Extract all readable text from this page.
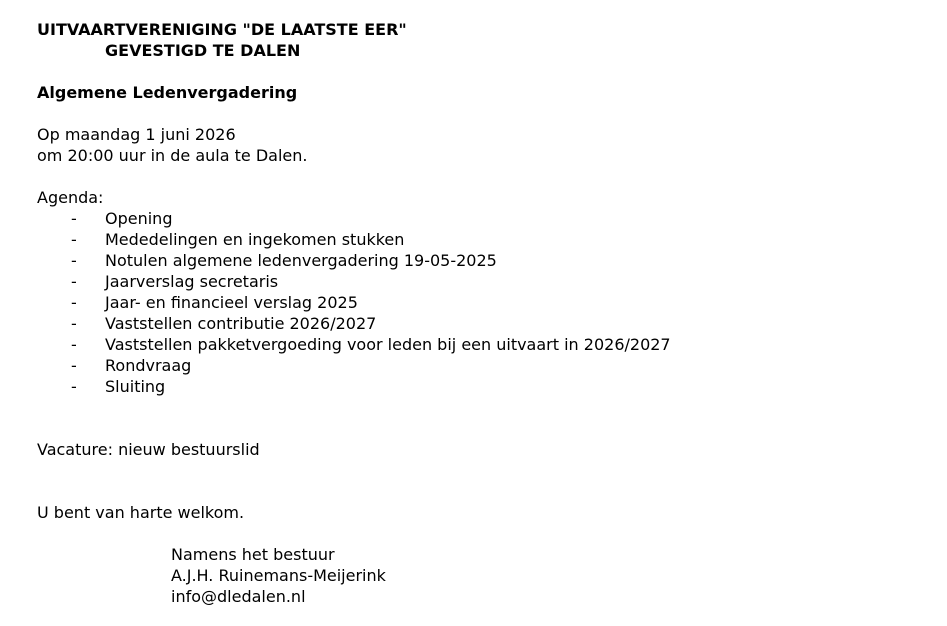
UITVAARTVERENIGING "DE LAATSTE EER"
GEVESTIGD TE DALEN
Algemene Ledenvergadering
Op maandag 1 juni 2026
om 20:00 uur in de aula te Dalen.
Agenda:
- Opening
- Mededelingen en ingekomen stukken
- Notulen algemene ledenvergadering 19-05-2025
- Jaarverslag secretaris
- Jaar- en financieel verslag 2025
- Vaststellen contributie 2026/2027
- Vaststellen pakketvergoeding voor leden bij een uitvaart in 2026/2027
- Rondvraag
- Sluiting
Vacature: nieuw bestuurslid
U bent van harte welkom.
Namens het bestuur
A.J.H. Ruinemans-Meijerink
info@dledalen.nl
